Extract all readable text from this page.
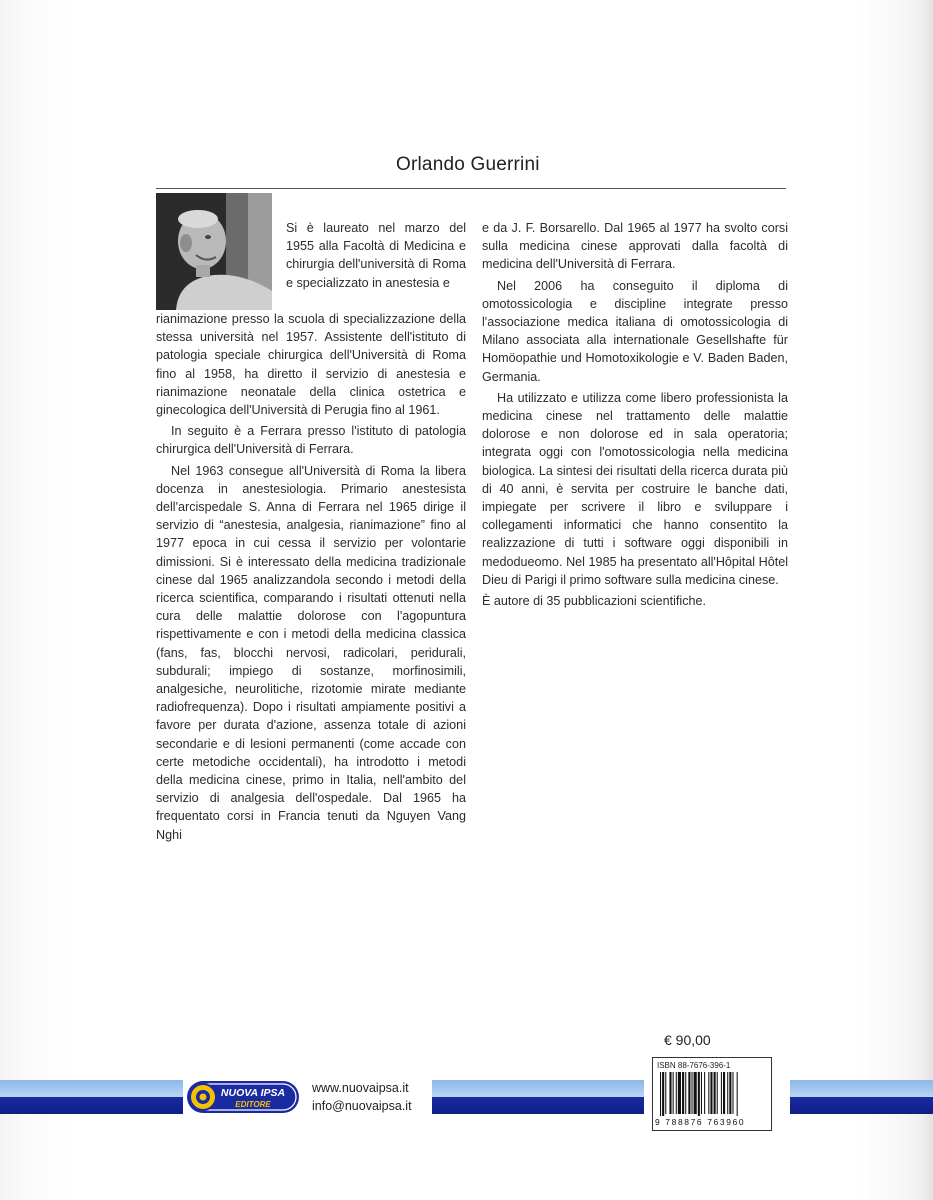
Orlando Guerrini

Si è laureato nel marzo del 1955 alla Facoltà di Medicina e chirurgia dell'università di Roma e specializzato in anestesia e

rianimazione presso la scuola di specializzazione della stessa università nel 1957. Assistente dell'istituto di patologia speciale chirurgica dell'Università di Roma fino al 1958, ha diretto il servizio di anestesia e rianimazione neonatale della clinica ostetrica e ginecologica dell'Università di Perugia fino al 1961.

In seguito è a Ferrara presso l'istituto di patologia chirurgica dell'Università di Ferrara.

Nel 1963 consegue all'Università di Roma la libera docenza in anestesiologia. Primario anestesista dell'arcispedale S. Anna di Ferrara nel 1965 dirige il servizio di “anestesia, analgesia, rianimazione” fino al 1977 epoca in cui cessa il servizio per volontarie dimissioni. Si è interessato della medicina tradizionale cinese dal 1965 analizzandola secondo i metodi della ricerca scientifica, comparando i risultati ottenuti nella cura delle malattie dolorose con l'agopuntura rispettivamente e con i metodi della medicina classica (fans, fas, blocchi nervosi, radicolari, peridurali, subdurali; impiego di sostanze, morfinosimili, analgesiche, neurolitiche, rizotomie mirate mediante radiofrequenza). Dopo i risultati ampiamente positivi a favore per durata d'azione, assenza totale di azioni secondarie e di lesioni permanenti (come accade con certe metodiche occidentali), ha introdotto i metodi della medicina cinese, primo in Italia, nell'ambito del servizio di analgesia dell'ospedale. Dal 1965 ha frequentato corsi in Francia tenuti da Nguyen Vang Nghi

e da J. F. Borsarello. Dal 1965 al 1977 ha svolto corsi sulla medicina cinese approvati dalla facoltà di medicina dell'Università di Ferrara.

Nel 2006 ha conseguito il diploma di omotossicologia e discipline integrate presso l'associazione medica italiana di omotossicologia di Milano associata alla internationale Gesellshafte für Homöopathie und Homotoxikologie e V. Baden Baden, Germania.

Ha utilizzato e utilizza come libero professionista la medicina cinese nel trattamento delle malattie dolorose e non dolorose ed in sala operatoria; integrata oggi con l'omotossicologia nella medicina biologica. La sintesi dei risultati della ricerca durata più di 40 anni, è servita per costruire le banche dati, impiegate per scrivere il libro e sviluppare i collegamenti informatici che hanno consentito la realizzazione di tutti i software oggi disponibili in medodueomo. Nel 1985 ha presentato all'Hôpital Hôtel Dieu di Parigi il primo software sulla medicina cinese.

È autore di 35 pubblicazioni scientifiche.

€ 90,00
ISBN 88-7676-396-1
9 788876 763960
NUOVA IPSA
EDITORE
www.nuovaipsa.it
info@nuovaipsa.it
